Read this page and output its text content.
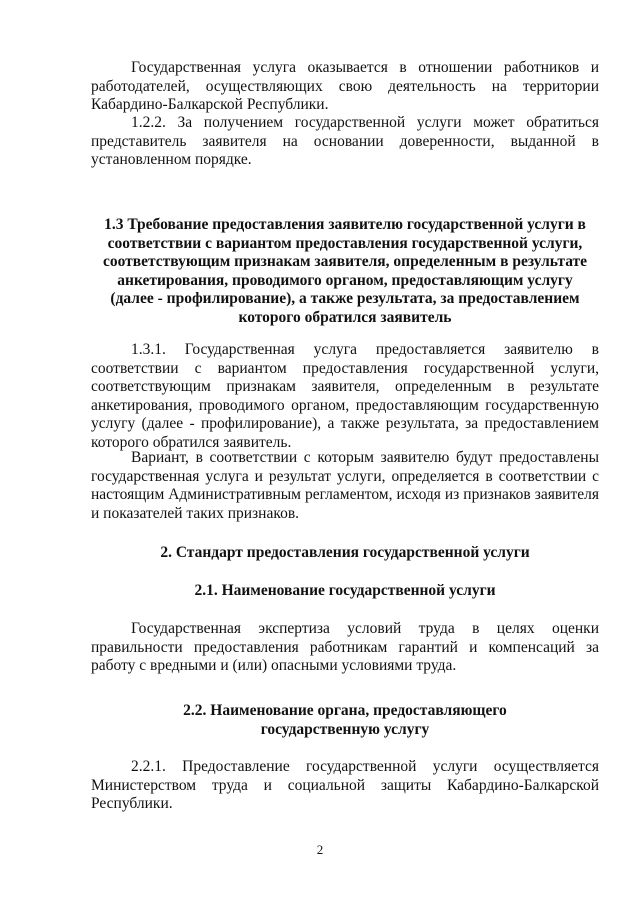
Государственная услуга оказывается в отношении работников и работодателей, осуществляющих свою деятельность на территории Кабардино-Балкарской Республики.

1.2.2. За получением государственной услуги может обратиться представитель заявителя на основании доверенности, выданной в установленном порядке.

1.3 Требование предоставления заявителю государственной услуги в соответствии с вариантом предоставления государственной услуги, соответствующим признакам заявителя, определенным в результате анкетирования, проводимого органом, предоставляющим услугу (далее - профилирование), а также результата, за предоставлением которого обратился заявитель

1.3.1. Государственная услуга предоставляется заявителю в соответствии с вариантом предоставления государственной услуги, соответствующим признакам заявителя, определенным в результате анкетирования, проводимого органом, предоставляющим государственную услугу (далее - профилирование), а также результата, за предоставлением которого обратился заявитель.

Вариант, в соответствии с которым заявителю будут предоставлены государственная услуга и результат услуги, определяется в соответствии с настоящим Административным регламентом, исходя из признаков заявителя и показателей таких признаков.

2. Стандарт предоставления государственной услуги

2.1. Наименование государственной услуги

Государственная экспертиза условий труда в целях оценки правильности предоставления работникам гарантий и компенсаций за работу с вредными и (или) опасными условиями труда.

2.2. Наименование органа, предоставляющего государственную услугу

2.2.1. Предоставление государственной услуги осуществляется Министерством труда и социальной защиты Кабардино-Балкарской Республики.

2
